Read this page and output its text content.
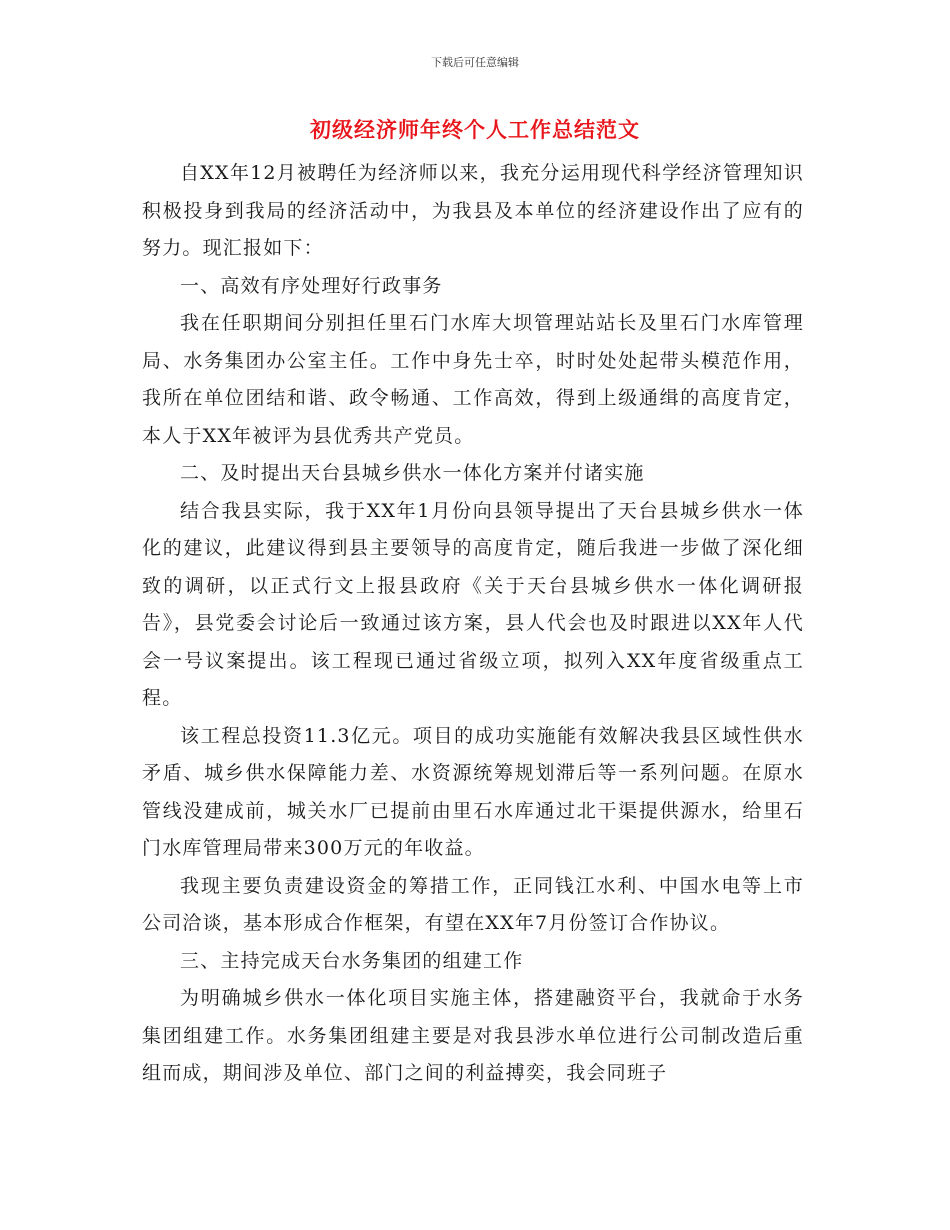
下载后可任意编辑
初级经济师年终个人工作总结范文

自XX年12月被聘任为经济师以来，我充分运用现代科学经济管理知识积极投身到我局的经济活动中，为我县及本单位的经济建设作出了应有的努力。现汇报如下：

一、高效有序处理好行政事务

我在任职期间分别担任里石门水库大坝管理站站长及里石门水库管理局、水务集团办公室主任。工作中身先士卒，时时处处起带头模范作用，我所在单位团结和谐、政令畅通、工作高效，得到上级通缉的高度肯定，本人于XX年被评为县优秀共产党员。

二、及时提出天台县城乡供水一体化方案并付诸实施

结合我县实际，我于XX年1月份向县领导提出了天台县城乡供水一体化的建议，此建议得到县主要领导的高度肯定，随后我进一步做了深化细致的调研，以正式行文上报县政府《关于天台县城乡供水一体化调研报告》，县党委会讨论后一致通过该方案，县人代会也及时跟进以XX年人代会一号议案提出。该工程现已通过省级立项，拟列入XX年度省级重点工程。

该工程总投资11.3亿元。项目的成功实施能有效解决我县区域性供水矛盾、城乡供水保障能力差、水资源统筹规划滞后等一系列问题。在原水管线没建成前，城关水厂已提前由里石水库通过北干渠提供源水，给里石门水库管理局带来300万元的年收益。

我现主要负责建设资金的筹措工作，正同钱江水利、中国水电等上市公司洽谈，基本形成合作框架，有望在XX年7月份签订合作协议。

三、主持完成天台水务集团的组建工作

为明确城乡供水一体化项目实施主体，搭建融资平台，我就命于水务集团组建工作。水务集团组建主要是对我县涉水单位进行公司制改造后重组而成，期间涉及单位、部门之间的利益搏奕，我会同班子
